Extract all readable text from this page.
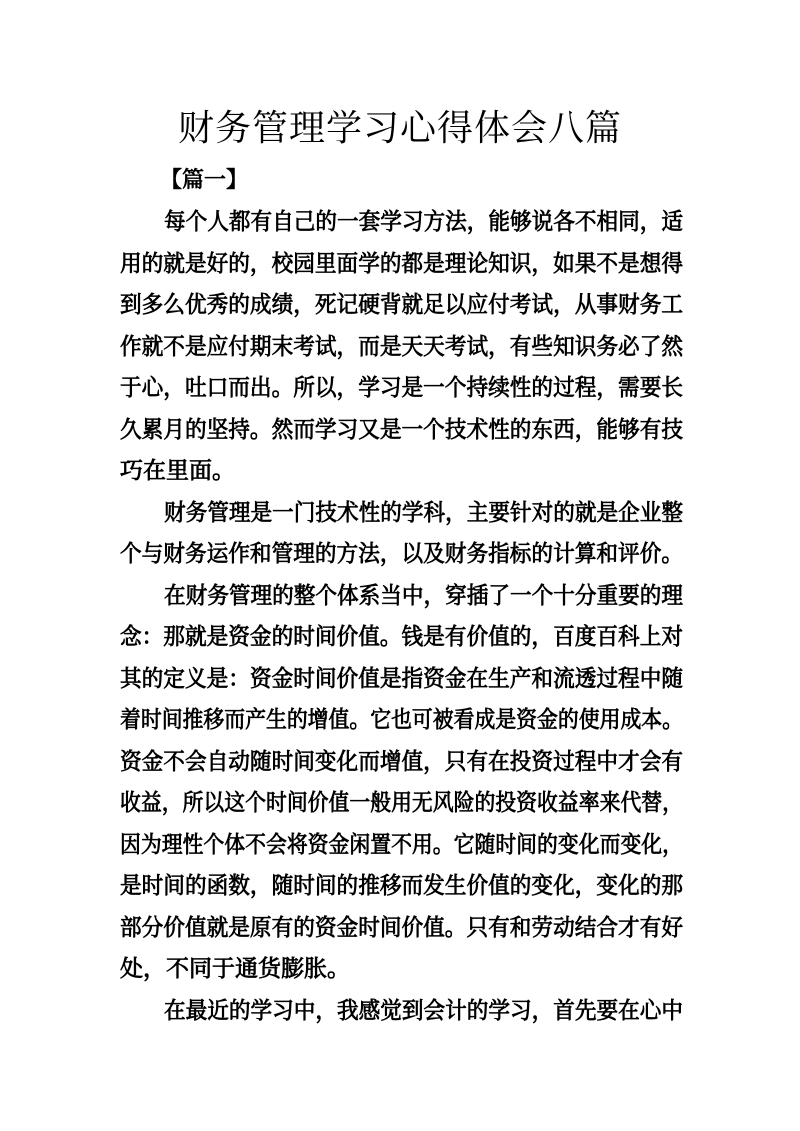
财务管理学习心得体会八篇
【篇一】
每个人都有自己的一套学习方法，能够说各不相同，适
用的就是好的，校园里面学的都是理论知识，如果不是想得
到多么优秀的成绩，死记硬背就足以应付考试，从事财务工
作就不是应付期末考试，而是天天考试，有些知识务必了然
于心，吐口而出。所以，学习是一个持续性的过程，需要长
久累月的坚持。然而学习又是一个技术性的东西，能够有技
巧在里面。
财务管理是一门技术性的学科，主要针对的就是企业整
个与财务运作和管理的方法，以及财务指标的计算和评价。
在财务管理的整个体系当中，穿插了一个十分重要的理
念：那就是资金的时间价值。钱是有价值的，百度百科上对
其的定义是：资金时间价值是指资金在生产和流透过程中随
着时间推移而产生的增值。它也可被看成是资金的使用成本。
资金不会自动随时间变化而增值，只有在投资过程中才会有
收益，所以这个时间价值一般用无风险的投资收益率来代替，
因为理性个体不会将资金闲置不用。它随时间的变化而变化，
是时间的函数，随时间的推移而发生价值的变化，变化的那
部分价值就是原有的资金时间价值。只有和劳动结合才有好
处，不同于通货膨胀。
在最近的学习中，我感觉到会计的学习，首先要在心中
